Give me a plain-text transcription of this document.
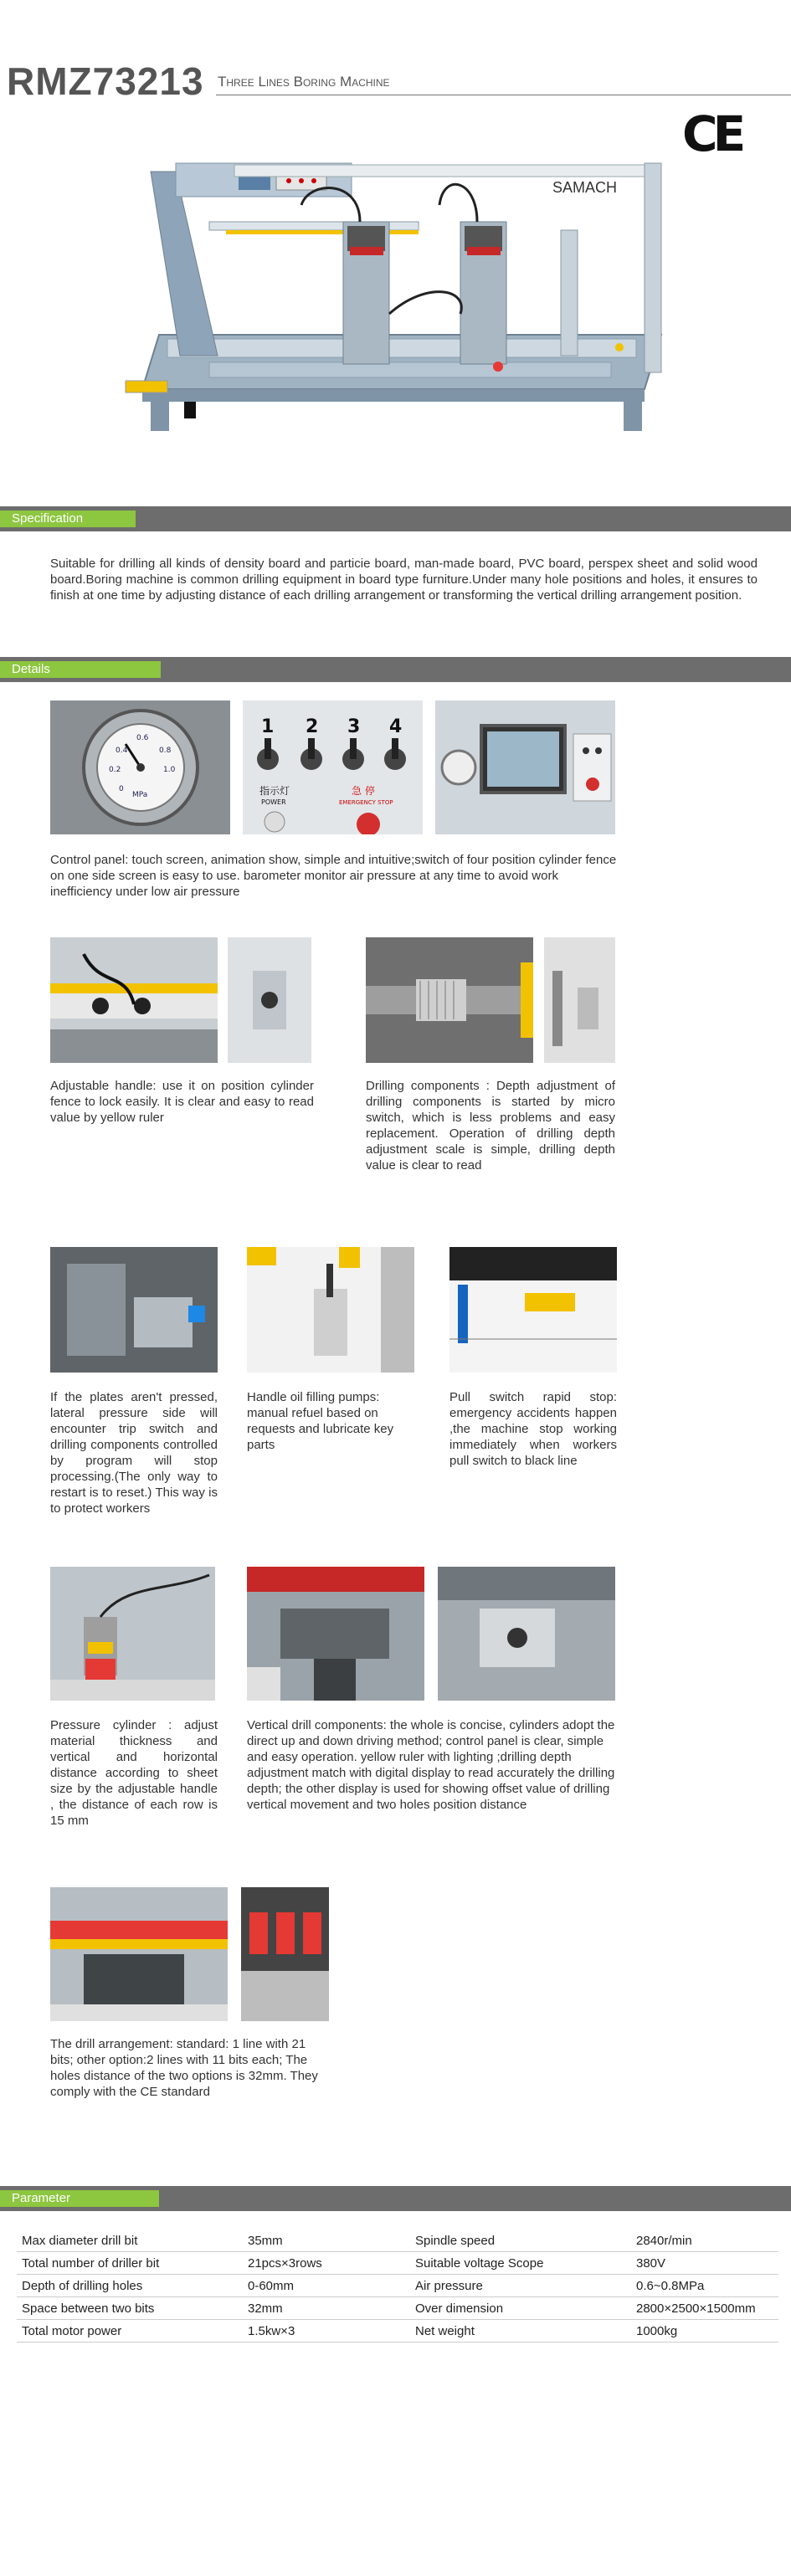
RMZ73213 Three Lines Boring Machine
CE
SAMACH
Specification
Suitable for drilling all kinds of density board and particie board, man-made board, PVC board, perspex sheet and solid wood board.Boring machine is common drilling equipment in board type furniture.Under many hole positions and holes, it ensures to finish at one time by adjusting distance of each drilling arrangement or transforming the vertical drilling arrangement position.
Details
0.6
0.4
0.2
0
0.8
1.0
MPa
1 2 3 4
指示灯
POWER
急 停
EMERGENCY STOP
Control panel: touch screen, animation show, simple and intuitive;switch of four position cylinder fence on one side screen is easy to use. barometer monitor air pressure at any time to avoid work inefficiency under low air pressure
Adjustable handle: use it on position cylinder fence to lock easily. It is clear and easy to read value by yellow ruler
Drilling components : Depth adjustment of drilling components is started by micro switch, which is less problems and easy replacement. Operation of drilling depth adjustment scale is simple, drilling depth value is clear to read
If the plates aren't pressed, lateral pressure side will encounter trip switch and drilling components controlled by program will stop processing.(The only way to restart is to reset.) This way is to protect workers
Handle oil filling pumps: manual refuel based on requests and lubricate key parts
Pull switch rapid stop: emergency accidents happen ,the machine stop working immediately when workers pull switch to black line
Pressure cylinder : adjust material thickness and vertical and horizontal distance according to sheet size by the adjustable handle , the distance of each row is 15 mm
Vertical drill components: the whole is concise, cylinders adopt the direct up and down driving method; control panel is clear, simple and easy operation. yellow ruler with lighting ;drilling depth adjustment match with digital display to read accurately the drilling depth; the other display is used for showing offset value of drilling vertical movement and two holes position distance
The drill arrangement: standard: 1 line with 21 bits; other option:2 lines with 11 bits each; The holes distance of the two options is 32mm. They comply with the CE standard
Parameter
Max diameter drill bit	35mm	Spindle speed	2840r/min
Total number of driller bit	21pcs×3rows	Suitable voltage Scope	380V
Depth of drilling holes	0-60mm	Air pressure	0.6~0.8MPa
Space between two bits	32mm	Over dimension	2800×2500×1500mm
Total motor power	1.5kw×3	Net weight	1000kg
